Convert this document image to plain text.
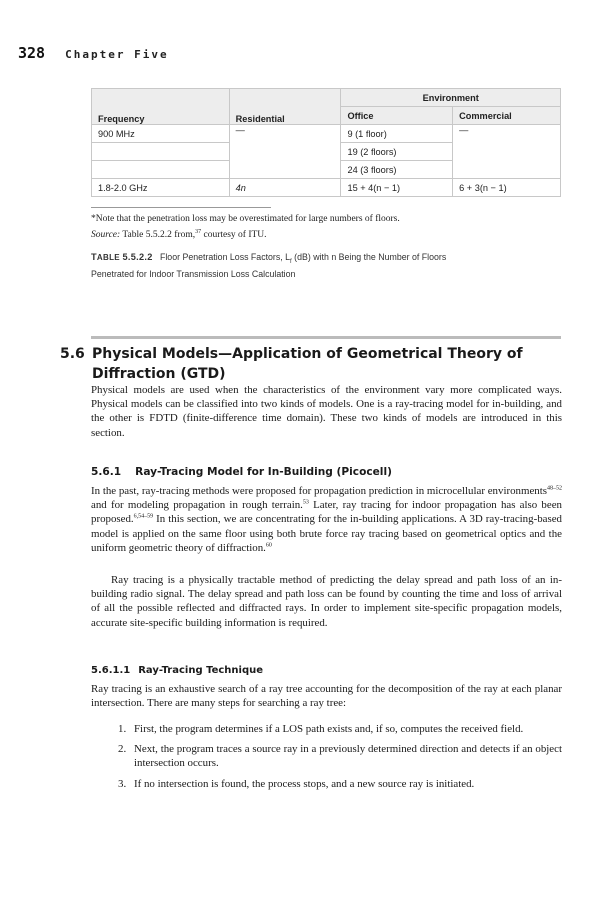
328 Chapter Five
Frequency	Residential	Environment	
		Office	Commercial
900 MHz	—	9 (1 floor)	—
		19 (2 floors)	
		24 (3 floors)	
1.8-2.0 GHz	4n	15 + 4(n − 1)	6 + 3(n − 1)
*Note that the penetration loss may be overestimated for large numbers of floors.
Source: Table 5.5.2.2 from,$^{37}$ courtesy of ITU.
TABLE 5.5.2.2 Floor Penetration Loss Factors, $L_f$ (dB) with n Being the Number of Floors
Penetrated for Indoor Transmission Loss Calculation
5.6 Physical Models—Application of Geometrical Theory of
Diffraction (GTD)

Physical models are used when the characteristics of the environment vary more complicated ways. Physical models can be classified into two kinds of models. One is a ray-tracing model for in-building, and the other is FDTD (finite-difference time domain). These two kinds of models are introduced in this section.

5.6.1 Ray-Tracing Model for In-Building (Picocell)

In the past, ray-tracing methods were proposed for propagation prediction in microcellular environments$^{48-52}$ and for modeling propagation in rough terrain.$^{53}$ Later, ray tracing for indoor propagation has also been proposed.$^{6,54-59}$ In this section, we are concentrating for the in-building applications. A 3D ray-tracing-based model is applied on the same floor using both brute force ray tracing based on geometrical optics and the uniform geometric theory of diffraction.$^{60}$

Ray tracing is a physically tractable method of predicting the delay spread and path loss of an in-building radio signal. The delay spread and path loss can be found by counting the time and loss of arrival of all the possible reflected and diffracted rays. In order to implement site-specific propagation models, accurate site-specific building information is required.

5.6.1.1 Ray-Tracing Technique

Ray tracing is an exhaustive search of a ray tree accounting for the decomposition of the ray at each planar intersection. There are many steps for searching a ray tree:

1. First, the program determines if a LOS path exists and, if so, computes the received field.
2. Next, the program traces a source ray in a previously determined direction and detects if an object intersection occurs.
3. If no intersection is found, the process stops, and a new source ray is initiated.
